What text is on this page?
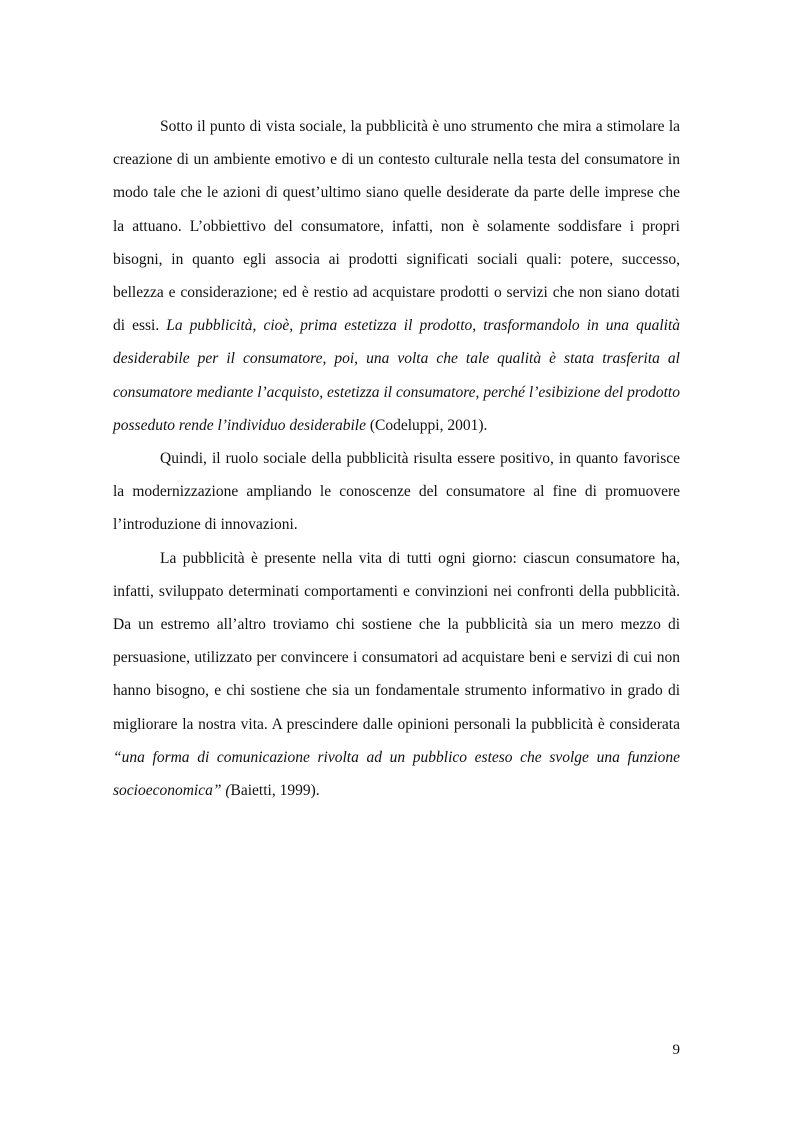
Sotto il punto di vista sociale, la pubblicità è uno strumento che mira a stimolare la creazione di un ambiente emotivo e di un contesto culturale nella testa del consumatore in modo tale che le azioni di quest’ultimo siano quelle desiderate da parte delle imprese che la attuano. L’obbiettivo del consumatore, infatti, non è solamente soddisfare i propri bisogni, in quanto egli associa ai prodotti significati sociali quali: potere, successo, bellezza e considerazione; ed è restio ad acquistare prodotti o servizi che non siano dotati di essi. La pubblicità, cioè, prima estetizza il prodotto, trasformandolo in una qualità desiderabile per il consumatore, poi, una volta che tale qualità è stata trasferita al consumatore mediante l’acquisto, estetizza il consumatore, perché l’esibizione del prodotto posseduto rende l’individuo desiderabile (Codeluppi, 2001).

Quindi, il ruolo sociale della pubblicità risulta essere positivo, in quanto favorisce la modernizzazione ampliando le conoscenze del consumatore al fine di promuovere l’introduzione di innovazioni.

La pubblicità è presente nella vita di tutti ogni giorno: ciascun consumatore ha, infatti, sviluppato determinati comportamenti e convinzioni nei confronti della pubblicità. Da un estremo all’altro troviamo chi sostiene che la pubblicità sia un mero mezzo di persuasione, utilizzato per convincere i consumatori ad acquistare beni e servizi di cui non hanno bisogno, e chi sostiene che sia un fondamentale strumento informativo in grado di migliorare la nostra vita. A prescindere dalle opinioni personali la pubblicità è considerata “una forma di comunicazione rivolta ad un pubblico esteso che svolge una funzione socioeconomica” (Baietti, 1999).

9
